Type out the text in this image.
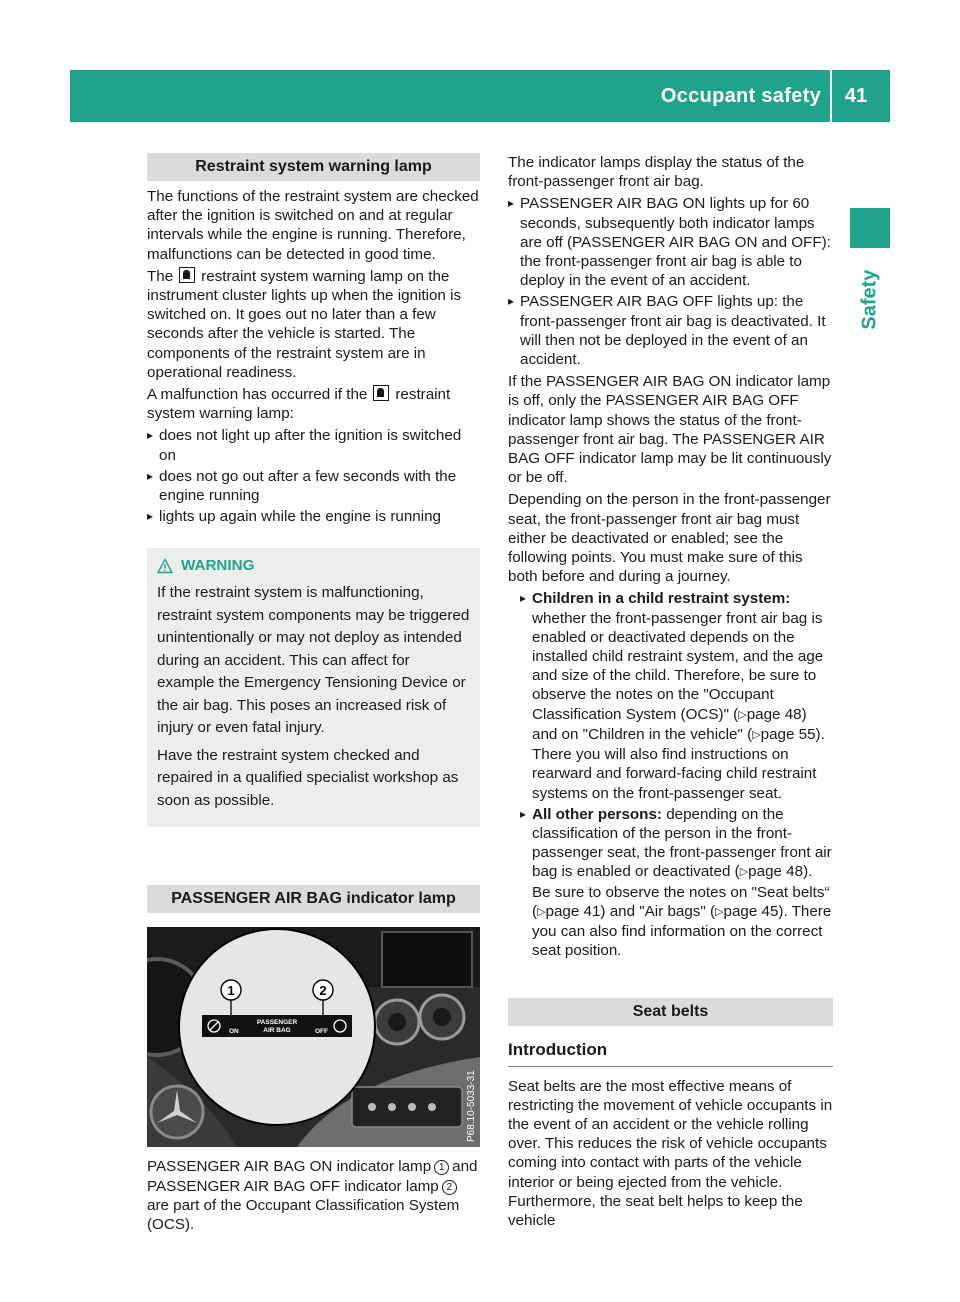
Occupant safety	41
Safety
Restraint system warning lamp

The functions of the restraint system are checked after the ignition is switched on and at regular intervals while the engine is running. Therefore, malfunctions can be detected in good time.

The restraint system warning lamp on the instrument cluster lights up when the ignition is switched on. It goes out no later than a few seconds after the vehicle is started. The components of the restraint system are in operational readiness.

A malfunction has occurred if the restraint system warning lamp:

▸ does not light up after the ignition is switched on
▸ does not go out after a few seconds with the engine running
▸ lights up again while the engine is running
WARNING

If the restraint system is malfunctioning, restraint system components may be triggered unintentionally or may not deploy as intended during an accident. This can affect for example the Emergency Tensioning Device or the air bag. This poses an increased risk of injury or even fatal injury.

Have the restraint system checked and repaired in a qualified specialist workshop as soon as possible.

PASSENGER AIR BAG indicator lamp
ON
PASSENGER
AIR BAG	OFF
1	2
P68.10-5033-31

PASSENGER AIR BAG ON indicator lamp 1 and PASSENGER AIR BAG OFF indicator lamp 2are part of the Occupant Classification System (OCS).

The indicator lamps display the status of the front-passenger front air bag.

▸ PASSENGER AIR BAG ON lights up for 60 seconds, subsequently both indicator lamps are off (PASSENGER AIR BAG ON and OFF): the front-passenger front air bag is able to deploy in the event of an accident.
▸ PASSENGER AIR BAG OFF lights up: the front-passenger front air bag is deactivated. It will then not be deployed in the event of an accident.

If the PASSENGER AIR BAG ON indicator lamp is off, only the PASSENGER AIR BAG OFF indicator lamp shows the status of the front-passenger front air bag. The PASSENGER AIR BAG OFF indicator lamp may be lit continuously or be off.

Depending on the person in the front-passenger seat, the front-passenger front air bag must either be deactivated or enabled; see the following points. You must make sure of this both before and during a journey.

▸ Children in a child restraint system: whether the front-passenger front air bag is enabled or deactivated depends on the installed child restraint system, and the age and size of the child. Therefore, be sure to observe the notes on the "Occupant Classification System (OCS)" (▷page 48) and on "Children in the vehicle" (▷page 55). There you will also find instructions on rearward and forward-facing child restraint systems on the front-passenger seat.
▸ All other persons: depending on the classification of the person in the front-passenger seat, the front-passenger front air bag is enabled or deactivated (▷page 48). Be sure to observe the notes on "Seat belts“ (▷page 41) and "Air bags" (▷page 45). There you can also find information on the correct seat position.
Seat belts
Introduction

Seat belts are the most effective means of restricting the movement of vehicle occupants in the event of an accident or the vehicle rolling over. This reduces the risk of vehicle occupants coming into contact with parts of the vehicle interior or being ejected from the vehicle. Furthermore, the seat belt helps to keep the vehicle
